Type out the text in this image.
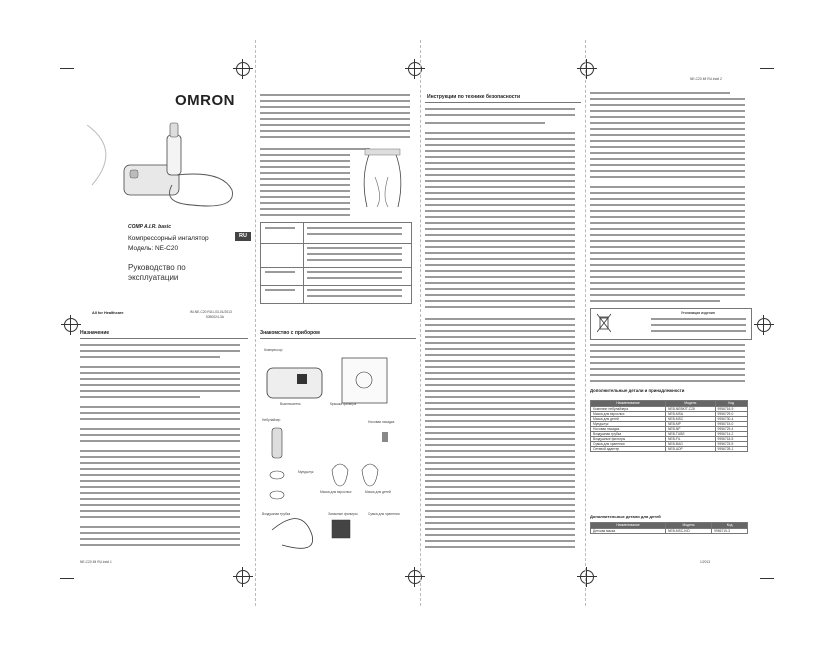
NE-C20 IM RU.indd 2
NE-C20 IM RU.indd 1	1/2013
OMRON
COMP A.I.R. basic
Компрессорный ингалятор
Модель: NE-C20
RU
Руководство по эксплуатации
All for Healthcare	IM-NE-C20 RU1-03-01/2013
5350024-3A
Назначение	Знакомство с прибором
Компрессор
Выключатель	Крышка фильтра
Небулайзер
Мундштук
Маска для взрослых	Маска для детей
Воздушная трубка	Запасные фильтры	Сумка для хранения
Носовая насадка
Инструкции по технике безопасности
Утилизация изделия
Дополнительные детали и принадлежности
Наименование	Модель	Код
Комплект небулайзера	NEB-NEBKIT-C28	9956716-9
Маска для взрослых	NEB-MSA	9956729-0
Маска для детей	NEB-MSC	9956730-4
Мундштук	NEB-MP	9956715-0
Носовая насадка	NEB-NP	9956729-4
Воздушная трубка	NEB-TUBE	9956714-2
Воздушные фильтры	NEB-FIL	9956718-5
Сумка для хранения	NEB-BAG	9956723-5
Сетевой адаптер	NEB-ADP	9956728-1
Дополнительные детали для детей
Наименование	Модель	Код
Детская маска	NEB-MSC-KID	9956719-3
